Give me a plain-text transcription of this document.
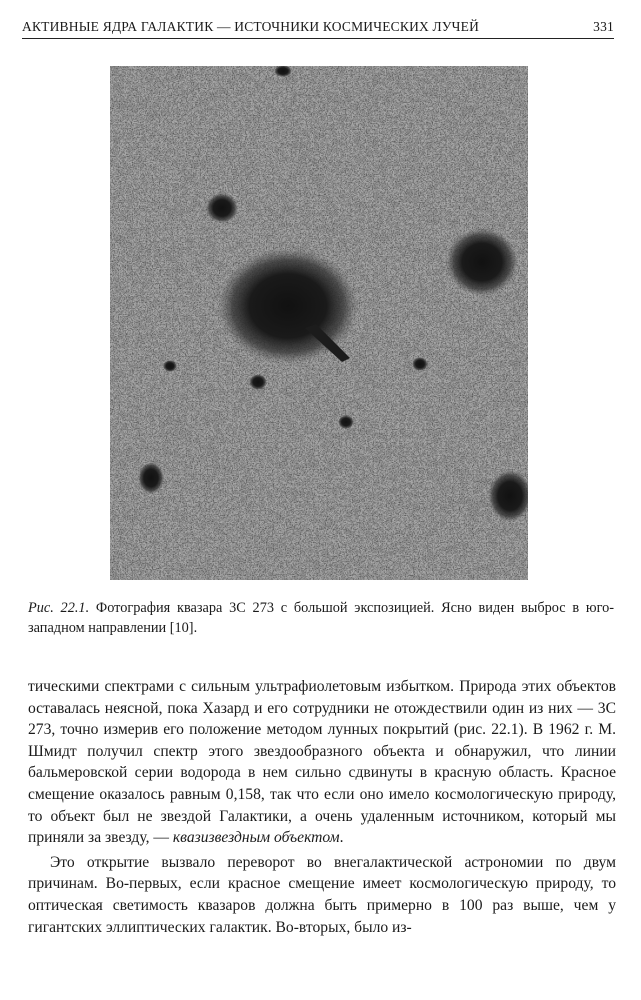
АКТИВНЫЕ ЯДРА ГАЛАКТИК — ИСТОЧНИКИ КОСМИЧЕСКИХ ЛУЧЕЙ	331
Рис. 22.1. Фотография квазара 3С 273 с большой экспозицией. Ясно виден выброс в юго-западном направлении [10].

тическими спектрами с сильным ультрафиолетовым избытком. Природа этих объектов оставалась неясной, пока Хазард и его сотрудники не отождествили один из них — 3С 273, точно измерив его положение методом лунных покрытий (рис. 22.1). В 1962 г. М. Шмидт получил спектр этого звездообразного объекта и обнаружил, что линии бальмеровской серии водорода в нем сильно сдвинуты в красную область. Красное смещение оказалось равным 0,158, так что если оно имело космологическую природу, то объект был не звездой Галактики, а очень удаленным источником, который мы приняли за звезду, — квазизвездным объектом.

Это открытие вызвало переворот во внегалактической астрономии по двум причинам. Во-первых, если красное смещение имеет космологическую природу, то оптическая светимость квазаров должна быть примерно в 100 раз выше, чем у гигантских эллиптических галактик. Во-вторых, было из-
